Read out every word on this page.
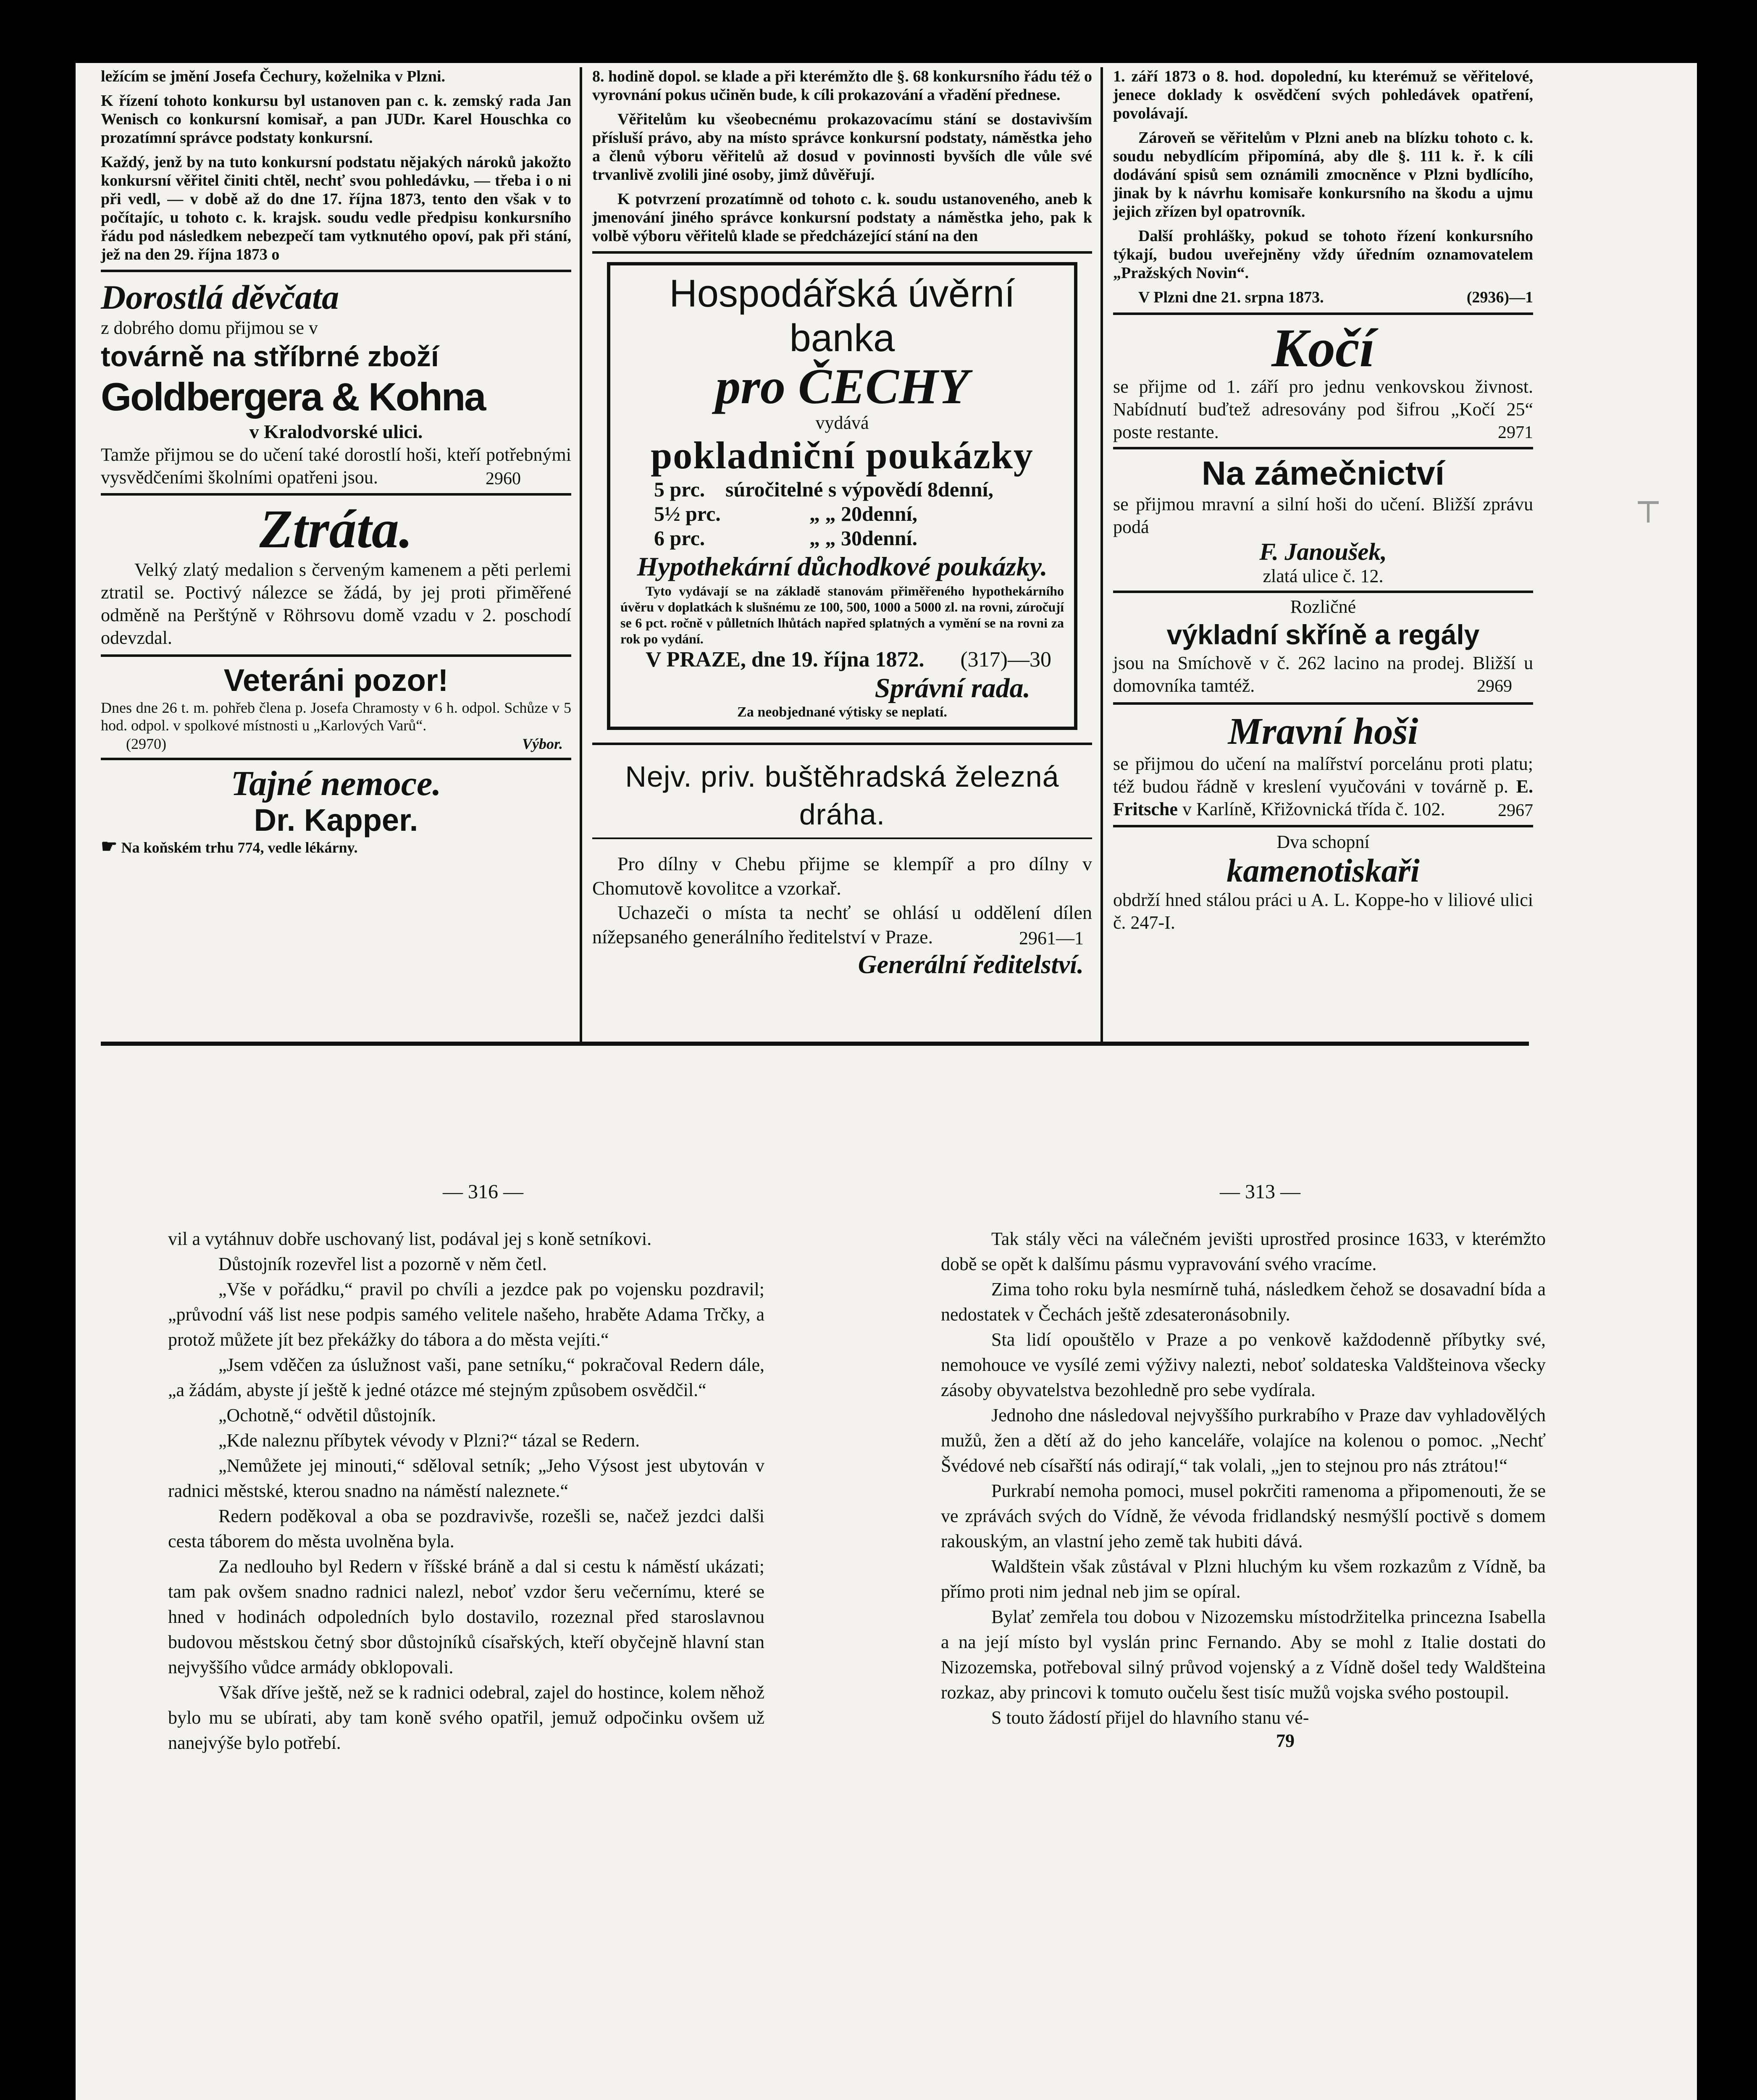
ležícím se jmění Josefa Čechury, koželnika v Plzni.

K řízení tohoto konkursu byl ustanoven pan c. k. zemský rada Jan Wenisch co konkursní komisař, a pan JUDr. Karel Houschka co prozatímní správce podstaty konkursní.

Každý, jenž by na tuto konkursní podstatu nějakých nároků jakožto konkursní věřitel činiti chtěl, nechť svou pohledávku, — třeba i o ni při vedl, — v době až do dne 17. října 1873, tento den však v to počítajíc, u tohoto c. k. krajsk. soudu vedle předpisu konkursního řádu pod následkem nebezpečí tam vytknutého opoví, pak při stání, jež na den 29. října 1873 o

Dorostlá děvčata
z dobrého domu přijmou se v
továrně na stříbrné zboží
Goldbergera & Kohna
v Kralodvorské ulici.
Tamže přijmou se do učení také dorostlí hoši, kteří potřebnými vysvědčeními školními opatřeni jsou.	2960
Ztráta.
Velký zlatý medalion s červeným kamenem a pěti perlemi ztratil se. Poctivý nálezce se žádá, by jej proti přiměřené odměně na Perštýně v Röhrsovu domě vzadu v 2. poschodí odevzdal.
Veteráni pozor!
Dnes dne 26 t. m. pohřeb člena p. Josefa Chramosty v 6 h. odpol. Schůze v 5 hod. odpol. v spolkové místnosti u „Karlových Varů“.
(2970)	Výbor.
Tajné nemoce.
Dr. Kapper.
☛ Na koňském trhu 774, vedle lékárny.

8. hodině dopol. se klade a při kterémžto dle §. 68 konkursního řádu též o vyrovnání pokus učiněn bude, k cíli prokazování a vřadění přednese.

Věřitelům ku všeobecnému prokazovacímu stání se dostavivším přísluší právo, aby na místo správce konkursní podstaty, náměstka jeho a členů výboru věřitelů až dosud v povinnosti byvších dle vůle své trvanlivě zvolili jiné osoby, jimž důvěřují.

K potvrzení prozatímně od tohoto c. k. soudu ustanoveného, aneb k jmenování jiného správce konkursní podstaty a náměstka jeho, pak k volbě výboru věřitelů klade se předcházející stání na den

Hospodářská úvěrní banka
pro ČECHY
vydává
pokladniční poukázky
5 prc. súročitelné s výpovědí 8denní,
5½ prc.	„ „ 20denní,
6 prc.	„ „ 30denní.
Hypothekární důchodkové poukázky.
Tyto vydávají se na základě stanovám přiměřeného hypothekárního úvěru v doplatkách k slušnému ze 100, 500, 1000 a 5000 zl. na rovni, zúročují se 6 pct. ročně v půlletních lhůtách napřed splatných a vymění se na rovni za rok po vydání.
V PRAZE, dne 19. října 1872. (317)—30
Správní rada.
Za neobjednané výtisky se neplatí.
Nejv. priv. buštěhradská železná dráha.
Pro dílny v Chebu přijme se klempíř a pro dílny v Chomutově kovolitce a vzorkař.
Uchazeči o místa ta nechť se ohlásí u oddělení dílen nížepsaného generálního ředitelství v Praze.	2961—1
Generální ředitelství.

1. září 1873 o 8. hod. dopolední, ku kterémuž se věřitelové, jenece doklady k osvědčení svých pohledávek opatření, povolávají.

Zároveň se věřitelům v Plzni aneb na blízku tohoto c. k. soudu nebydlícím připomíná, aby dle §. 111 k. ř. k cíli dodávání spisů sem oznámili zmocněnce v Plzni bydlícího, jinak by k návrhu komisaře konkursního na škodu a ujmu jejich zřízen byl opatrovník.

Další prohlášky, pokud se tohoto řízení konkursního týkají, budou uveřejněny vždy úředním oznamovatelem „Pražských Novin“.

V Plzni dne 21. srpna 1873.	(2936)—1

Kočí
se přijme od 1. září pro jednu venkovskou živnost. Nabídnutí buďtež adresovány pod šifrou „Kočí 25“ poste restante.	2971
Na zámečnictví
se přijmou mravní a silní hoši do učení. Bližší zprávu podá
F. Janoušek,
zlatá ulice č. 12.
Rozličné
výkladní skříně a regály
jsou na Smíchově v č. 262 lacino na prodej. Bližší u domovníka tamtéž.	2969
Mravní hoši
se přijmou do učení na malířství porcelánu proti platu; též budou řádně v kreslení vyučováni v továrně p. E. Fritsche v Karlíně, Křižovnická třída č. 102.	2967
Dva schopní
kamenotiskaři
obdrží hned stálou práci u A. L. Koppe-ho v liliové ulici č. 247-I.
┬
— 316 —	— 313 —

vil a vytáhnuv dobře uschovaný list, podával jej s koně setníkovi.

Důstojník rozevřel list a pozorně v něm četl.

„Vše v pořádku,“ pravil po chvíli a jezdce pak po vojensku pozdravil; „průvodní váš list nese podpis samého velitele našeho, hraběte Adama Trčky, a protož můžete jít bez překážky do tábora a do města vejíti.“

„Jsem vděčen za úslužnost vaši, pane setníku,“ pokračoval Redern dále, „a žádám, abyste jí ještě k jedné otázce mé stejným způsobem osvědčil.“

„Ochotně,“ odvětil důstojník.

„Kde naleznu příbytek vévody v Plzni?“ tázal se Redern.

„Nemůžete jej minouti,“ sděloval setník; „Jeho Výsost jest ubytován v radnici městské, kterou snadno na náměstí naleznete.“

Redern poděkoval a oba se pozdravivše, rozešli se, načež jezdci dalši cesta táborem do města uvolněna byla.

Za nedlouho byl Redern v říšské bráně a dal si cestu k náměstí ukázati; tam pak ovšem snadno radnici nalezl, neboť vzdor šeru večernímu, které se hned v hodinách odpoledních bylo dostavilo, rozeznal před staroslavnou budovou městskou četný sbor důstojníků císařských, kteří obyčejně hlavní stan nejvyššího vůdce armády obklopovali.

Však dříve ještě, než se k radnici odebral, zajel do hostince, kolem něhož bylo mu se ubírati, aby tam koně svého opatřil, jemuž odpočinku ovšem už nanejvýše bylo potřebí.

Tak stály věci na válečném jevišti uprostřed prosince 1633, v kterémžto době se opět k dalšímu pásmu vypravování svého vracíme.

Zima toho roku byla nesmírně tuhá, následkem čehož se dosavadní bída a nedostatek v Čechách ještě zdesateronásobnily.

Sta lidí opouštělo v Praze a po venkově každodenně příbytky své, nemohouce ve vysílé zemi výživy nalezti, neboť soldateska Valdšteinova všecky zásoby obyvatelstva bezohledně pro sebe vydírala.

Jednoho dne následoval nejvyššího purkrabího v Praze dav vyhladovělých mužů, žen a dětí až do jeho kanceláře, volajíce na kolenou o pomoc. „Nechť Švédové neb císařští nás odirají,“ tak volali, „jen to stejnou pro nás ztrátou!“

Purkrabí nemoha pomoci, musel pokrčiti ramenoma a připomenouti, že se ve zprávách svých do Vídně, že vévoda fridlandský nesmýšlí poctivě s domem rakouským, an vlastní jeho země tak hubiti dává.

Waldštein však zůstával v Plzni hluchým ku všem rozkazům z Vídně, ba přímo proti nim jednal neb jim se opíral.

Bylať zemřela tou dobou v Nizozemsku místodržitelka princezna Isabella a na její místo byl vyslán princ Fernando. Aby se mohl z Italie dostati do Nizozemska, potřeboval silný průvod vojenský a z Vídně došel tedy Waldšteina rozkaz, aby princovi k tomuto oučelu šest tisíc mužů vojska svého postoupil.

S touto žádostí přijel do hlavního stanu vé-

79
